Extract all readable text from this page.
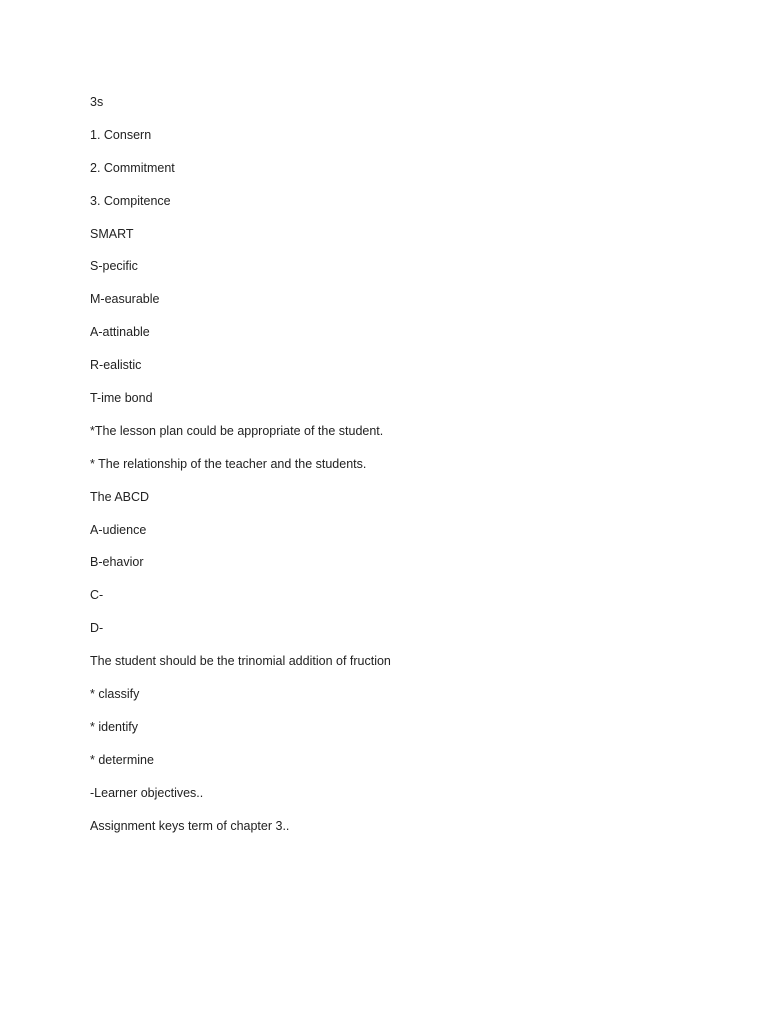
3s
1. Consern
2. Commitment
3. Compitence
SMART
S-pecific
M-easurable
A-attinable
R-ealistic
T-ime bond
*The lesson plan could be appropriate of the student.
* The relationship of the teacher and the students.
The ABCD
A-udience
B-ehavior
C-
D-
The student should be the trinomial addition of fruction
* classify
* identify
* determine
-Learner objectives..
Assignment keys term of chapter 3..
